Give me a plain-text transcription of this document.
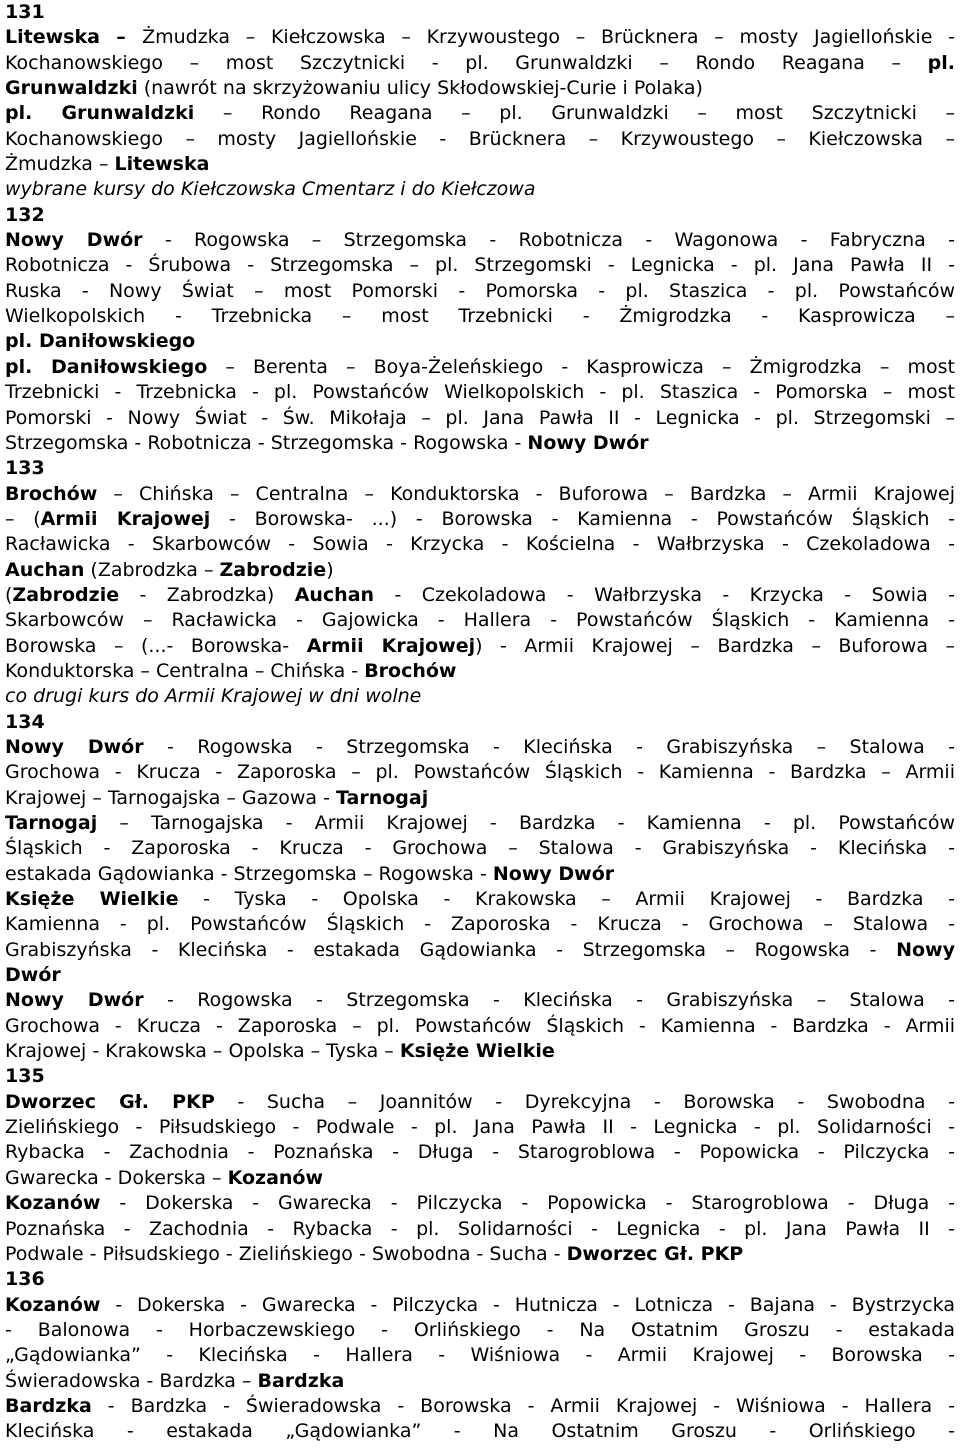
131
Litewska – Żmudzka – Kiełczowska – Krzywoustego – Brücknera – mosty Jagiellońskie -
Kochanowskiego – most Szczytnicki - pl. Grunwaldzki – Rondo Reagana – pl.
Grunwaldzki (nawrót na skrzyżowaniu ulicy Skłodowskiej-Curie i Polaka)
pl. Grunwaldzki – Rondo Reagana – pl. Grunwaldzki – most Szczytnicki –
Kochanowskiego – mosty Jagiellońskie - Brücknera – Krzywoustego – Kiełczowska –
Żmudzka – Litewska
wybrane kursy do Kiełczowska Cmentarz i do Kiełczowa
132
Nowy Dwór - Rogowska – Strzegomska - Robotnicza - Wagonowa - Fabryczna -
Robotnicza - Śrubowa - Strzegomska – pl. Strzegomski - Legnicka - pl. Jana Pawła II -
Ruska - Nowy Świat – most Pomorski - Pomorska - pl. Staszica - pl. Powstańców
Wielkopolskich - Trzebnicka – most Trzebnicki - Żmigrodzka - Kasprowicza –
pl. Daniłowskiego
pl. Daniłowskiego – Berenta – Boya-Żeleńskiego - Kasprowicza – Żmigrodzka – most
Trzebnicki - Trzebnicka - pl. Powstańców Wielkopolskich - pl. Staszica - Pomorska – most
Pomorski - Nowy Świat - Św. Mikołaja – pl. Jana Pawła II - Legnicka - pl. Strzegomski –
Strzegomska - Robotnicza - Strzegomska - Rogowska - Nowy Dwór
133
Brochów – Chińska – Centralna – Konduktorska - Buforowa – Bardzka – Armii Krajowej
– (Armii Krajowej - Borowska- ...) - Borowska - Kamienna - Powstańców Śląskich -
Racławicka - Skarbowców - Sowia - Krzycka - Kościelna - Wałbrzyska - Czekoladowa -
Auchan (Zabrodzka – Zabrodzie)
(Zabrodzie - Zabrodzka) Auchan - Czekoladowa - Wałbrzyska - Krzycka - Sowia -
Skarbowców – Racławicka - Gajowicka - Hallera - Powstańców Śląskich - Kamienna -
Borowska – (...- Borowska- Armii Krajowej) - Armii Krajowej – Bardzka – Buforowa –
Konduktorska – Centralna – Chińska - Brochów
co drugi kurs do Armii Krajowej w dni wolne
134
Nowy Dwór - Rogowska - Strzegomska - Klecińska - Grabiszyńska – Stalowa -
Grochowa - Krucza - Zaporoska – pl. Powstańców Śląskich - Kamienna - Bardzka – Armii
Krajowej – Tarnogajska – Gazowa - Tarnogaj
Tarnogaj – Tarnogajska - Armii Krajowej - Bardzka - Kamienna - pl. Powstańców
Śląskich - Zaporoska - Krucza - Grochowa – Stalowa - Grabiszyńska - Klecińska -
estakada Gądowianka - Strzegomska – Rogowska - Nowy Dwór
Księże Wielkie - Tyska - Opolska - Krakowska – Armii Krajowej - Bardzka -
Kamienna - pl. Powstańców Śląskich - Zaporoska - Krucza - Grochowa – Stalowa -
Grabiszyńska - Klecińska - estakada Gądowianka - Strzegomska – Rogowska - Nowy
Dwór
Nowy Dwór - Rogowska - Strzegomska - Klecińska - Grabiszyńska – Stalowa -
Grochowa - Krucza - Zaporoska – pl. Powstańców Śląskich - Kamienna - Bardzka - Armii
Krajowej - Krakowska – Opolska – Tyska – Księże Wielkie
135
Dworzec Gł. PKP - Sucha – Joannitów - Dyrekcyjna - Borowska - Swobodna -
Zielińskiego - Piłsudskiego - Podwale - pl. Jana Pawła II - Legnicka - pl. Solidarności -
Rybacka - Zachodnia - Poznańska - Długa - Starogroblowa - Popowicka - Pilczycka -
Gwarecka - Dokerska – Kozanów
Kozanów - Dokerska - Gwarecka - Pilczycka - Popowicka - Starogroblowa - Długa -
Poznańska - Zachodnia - Rybacka - pl. Solidarności - Legnicka - pl. Jana Pawła II -
Podwale - Piłsudskiego - Zielińskiego - Swobodna - Sucha - Dworzec Gł. PKP
136
Kozanów - Dokerska - Gwarecka - Pilczycka - Hutnicza - Lotnicza - Bajana - Bystrzycka
- Balonowa - Horbaczewskiego - Orlińskiego - Na Ostatnim Groszu - estakada
„Gądowianka” - Klecińska - Hallera - Wiśniowa - Armii Krajowej - Borowska -
Świeradowska - Bardzka – Bardzka
Bardzka - Bardzka - Świeradowska - Borowska - Armii Krajowej - Wiśniowa - Hallera -
Klecińska - estakada „Gądowianka” - Na Ostatnim Groszu - Orlińskiego -
